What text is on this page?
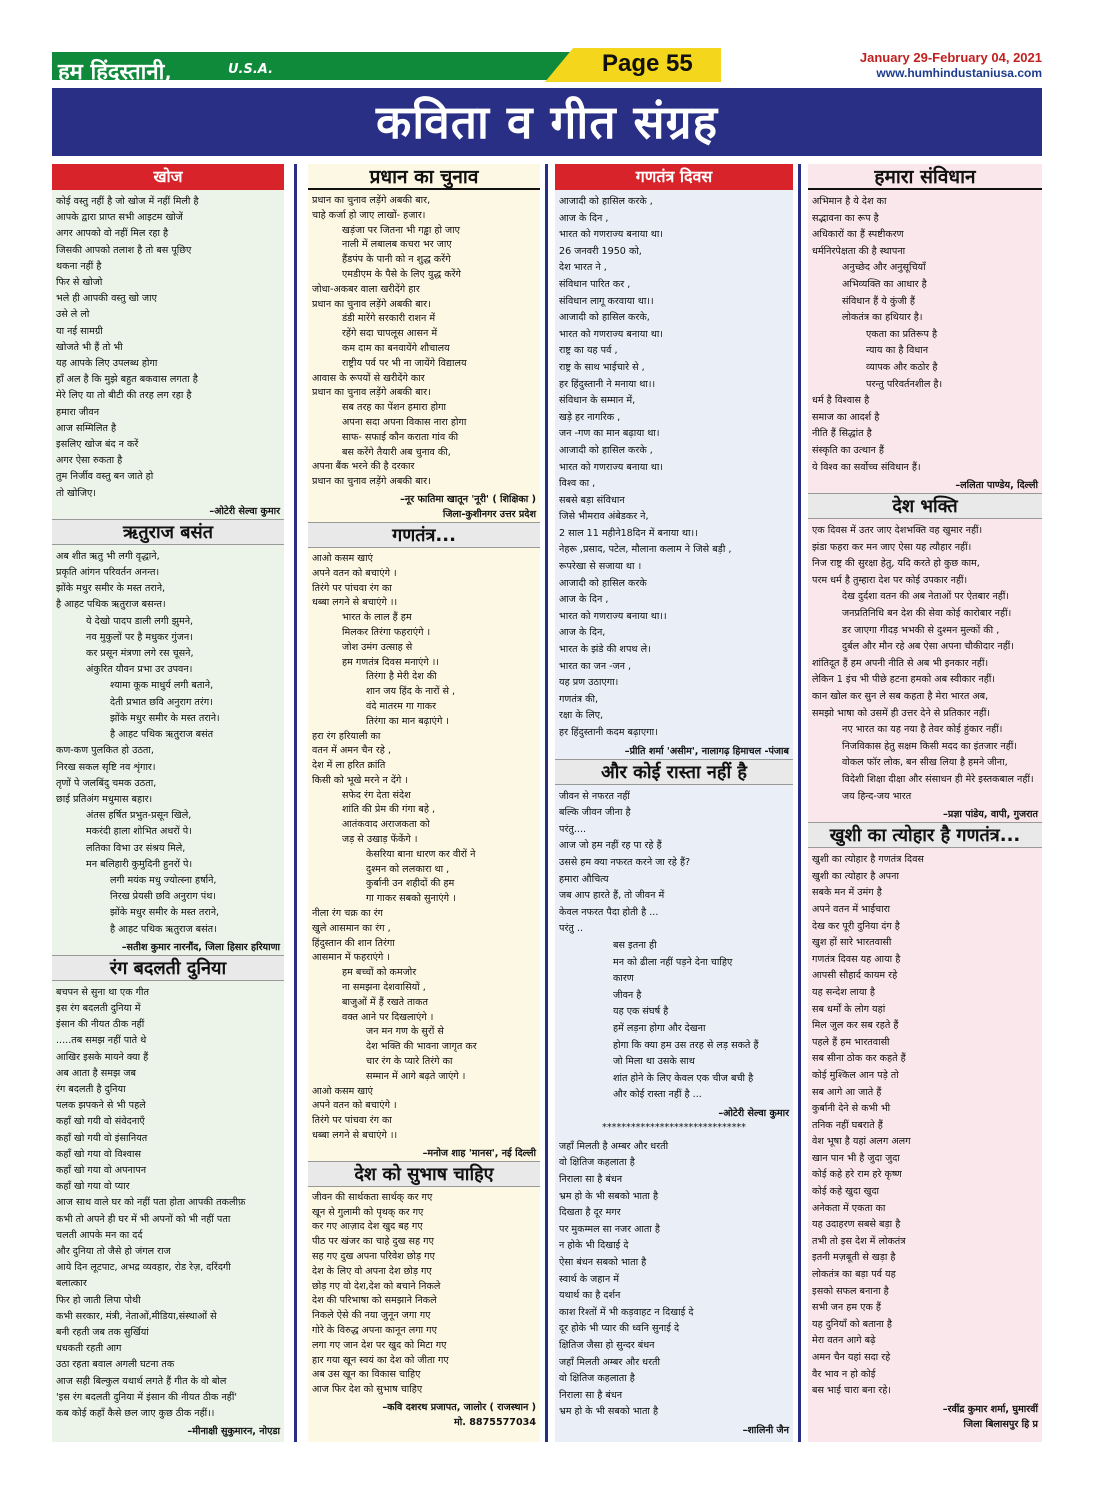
हम हिंदुस्तानी,	U.S.A.	Page 55	January 29-February 04, 2021
www.humhindustaniusa.com
कविता व गीत संग्रह
खोज
कोई वस्तु नहीं है जो खोज में नहीं मिली है
आपके द्वारा प्राप्त सभी आइटम खोजें
अगर आपको वो नहीं मिल रहा है
जिसकी आपको तलाश है तो बस पूछिए
थकना नहीं है
फिर से खोजो
भले ही आपकी वस्तु खो जाए
उसे ले लो
या नई सामग्री
खोजते भी हैं तो भी
यह आपके लिए उपलब्ध होगा
हाँ अल है कि मुझे बहुत बकवास लगता है
मेरे लिए या तो बीटी की तरह लग रहा है
हमारा जीवन
आज सम्मिलित है
इसलिए खोज बंद न करें
अगर ऐसा रुकता है
तुम निर्जीव वस्तु बन जाते हो
तो खोजिए।
–ओटेरी सेल्वा कुमार
ऋतुराज बसंत
अब शीत ऋतु भी लगी वृद्धाने,
प्रकृति आंगन परिवर्तन अनन्त।
झोंके मधुर समीर के मस्त तराने,
है आहट पथिक ऋतुराज बसन्त।
ये देखो पादप डाली लगी झुमने,
नव मुकुलों पर है मधुकर गुंजन।
कर प्रसून मंत्रणा लगे रस चूसने,
अंकुरित यौवन प्रभा उर उपवन।
श्यामा कूक माधुर्य लगी बताने,
देती प्रभात छवि अनुराग तरंग।
झोंके मधुर समीर के मस्त तराने।
है आहट पथिक ऋतुराज बसंत
कण-कण पुलकित हो उठता,
निरख सकल सृष्टि नव शृंगार।
तृणों पे जलबिंदु चमक उठता,
छाई प्रतिअंग मधुमास बहार।
अंतस हर्षित प्रभुत-प्रसून खिले,
मकरंदी हाला शोभित अधरों पे।
लतिका विभा उर संश्रय मिले,
मन बलिहारी कुमुदिनी हुनरों पे।
लगी मयंक मधु ज्योत्स्ना हर्षाने,
निरख प्रेयसी छवि अनुराग पंथ।
झोंके मधुर समीर के मस्त तराने,
है आहट पथिक ऋतुराज बसंत।
–सतीश कुमार नारनौंद, जिला हिसार हरियाणा
रंग बदलती दुनिया
बचपन से सुना था एक गीत
इस रंग बदलती दुनिया में
इंसान की नीयत ठीक नहीं
.....तब समझ नहीं पाते थे
आखिर इसके मायने क्या हैं
अब आता है समझ जब
रंग बदलती है दुनिया
पलक झपकने से भी पहले
कहाँ खो गयी वो संवेदनाएँ
कहाँ खो गयी वो इंसानियत
कहाँ खो गया वो विश्वास
कहाँ खो गया वो अपनापन
कहाँ खो गया वो प्यार
आज साथ वाले घर को नहीं पता होता आपकी तकलीफ़
कभी तो अपने ही घर में भी अपनों को भी नहीं पता
चलती आपके मन का दर्द
और दुनिया तो जैसे हो जंगल राज
आये दिन लूटपाट, अभद्र व्यवहार, रोड रेज़, दरिंदगी
बलात्कार
फिर हो जाती लिपा पोथी
कभी सरकार, मंत्री, नेताओं,मीडिया,संस्थाओं से
बनी रहती जब तक सुर्खियां
धधकती रहती आग
उठा रहता बवाल अगली घटना तक
आज सही बिल्कुल यथार्थ लगते हैं गीत के वो बोल
'इस रंग बदलती दुनिया में इंसान की नीयत ठीक नहीं'
कब कोई कहाँ कैसे छल जाए कुछ ठीक नहीं।।
–मीनाक्षी सुकुमारन, नोएडा
प्रधान का चुनाव
प्रधान का चुनाव लड़ेंगे अबकी बार,
चाहे कर्जा हो जाए लाखों- हजार।
खड़ंजा पर जितना भी गड्ढा हो जाए
नाली में लबालब कचरा भर जाए
हैंडपंप के पानी को न शुद्ध करेंगे
एमडीएम के पैसे के लिए युद्ध करेंगे
जोधा-अकबर वाला खरीदेंगे हार
प्रधान का चुनाव लड़ेंगे अबकी बार।
डंडी मारेंगे सरकारी राशन में
रहेंगे सदा चापलूस आसन में
कम दाम का बनवायेंगे शौचालय
राष्ट्रीय पर्व पर भी ना जायेंगे विद्यालय
आवास के रूपयों से खरीदेंगे कार
प्रधान का चुनाव लड़ेंगे अबकी बार।
सब तरह का पेंशन हमारा होगा
अपना सदा अपना विकास नारा होगा
साफ- सफाई कौन कराता गांव की
बस करेंगे तैयारी अब चुनाव की,
अपना बैंक भरने की है दरकार
प्रधान का चुनाव लड़ेंगे अबकी बार।
–नूर फातिमा खातून 'नूरी' ( शिक्षिका )
जिला-कुशीनगर उत्तर प्रदेश
गणतंत्र...
आओ कसम खाएं
अपने वतन को बचाएंगे ।
तिरंगे पर पांचवा रंग का
धब्बा लगने से बचाएंगे ।।
भारत के लाल हैं हम
मिलकर तिरंगा फहराएंगे ।
जोश उमंग उत्साह से
हम गणतंत्र दिवस मनाएंगे ।।
तिरंगा है मेरी देश की
शान जय हिंद के नारों से ,
वंदे मातरम गा गाकर
तिरंगा का मान बढ़ाएंगे ।
हरा रंग हरियाली का
वतन में अमन चैन रहे ,
देश में ला हरित क्रांति
किसी को भूखे मरने न देंगे ।
सफेद रंग देता संदेश
शांति की प्रेम की गंगा बहे ,
आतंकवाद अराजकता को
जड़ से उखाड़ फेंकेंगे ।
केसरिया बाना धारण कर वीरों ने
दुश्मन को ललकारा था ,
कुर्बानी उन शहीदों की हम
गा गाकर सबको सुनाएंगे ।
नीला रंग चक्र का रंग
खुले आसमान का रंग ,
हिंदुस्तान की शान तिरंगा
आसमान में फहराएंगे ।
हम बच्चों को कमजोर
ना समझना देशवासियों ,
बाजुओं में हैं रखते ताकत
वक्त आने पर दिखलाएंगे ।
जन मन गण के सुरों से
देश भक्ति की भावना जागृत कर
चार रंग के प्यारे तिरंगे का
सम्मान में आगे बढ़ते जाएंगे ।
आओ कसम खाएं
अपने वतन को बचाएंगे ।
तिरंगे पर पांचवा रंग का
धब्बा लगने से बचाएंगे ।।
–मनोज शाह 'मानस', नई दिल्ली
देश को सुभाष चाहिए
जीवन की सार्थकता सार्थक् कर गए
खून से गुलामी को पृथक् कर गए
कर गए आज़ाद देश खुद बह गए
पीठ पर खंजर का चाहे दुख सह गए
सह गए दुख अपना परिवेश छोड़ गए
देश के लिए वो अपना देश छोड़ गए
छोड़ गए वो देश,देश को बचाने निकले
देश की परिभाषा को समझाने निकले
निकले ऐसे की नया जुनून जगा गए
गोरे के विरुद्ध अपना कानून लगा गए
लगा गए जान देश पर खुद को मिटा गए
हार गया खून स्वयं का देश को जीता गए
अब उस खून का विकास चाहिए
आज फिर देश को सुभाष चाहिए
–कवि दशरथ प्रजापत, जालोर ( राजस्थान )
मो. 8875577034
गणतंत्र दिवस
आजादी को हासिल करके ,
आज के दिन ,
भारत को गणराज्य बनाया था।
26 जनवरी 1950 को,
देश भारत ने ,
संविधान पारित कर ,
संविधान लागू करवाया था।।
आजादी को हासिल करके,
भारत को गणराज्य बनाया था।
राष्ट्र का यह पर्व ,
राष्ट्र के साथ भाईचारे से ,
हर हिंदुस्तानी ने मनाया था।।
संविधान के सम्मान में,
खड़े हर नागरिक ,
जन -गण का मान बढ़ाया था।
आजादी को हासिल करके ,
भारत को गणराज्य बनाया था।
विश्व का ,
सबसे बड़ा संविधान
जिसे भीमराव अंबेडकर ने,
2 साल 11 महीने18दिन में बनाया था।।
नेहरू ,प्रसाद, पटेल, मौलाना कलाम ने जिसे बड़ी ,
रूपरेखा से सजाया था ।
आजादी को हासिल करके
आज के दिन ,
भारत को गणराज्य बनाया था।।
आज के दिन,
भारत के झंडे की शपथ ले।
भारत का जन -जन ,
यह प्रण उठाएगा।
गणतंत्र की,
रक्षा के लिए,
हर हिंदुस्तानी कदम बढ़ाएगा।
–प्रीति शर्मा 'असीम', नालागढ़ हिमाचल -पंजाब
और कोई रास्ता नहीं है
जीवन से नफरत नहीं
बल्कि जीवन जीना है
परंतु....
आज जो हम नहीं रह पा रहे हैं
उससे हम क्या नफरत करने जा रहे हैं?
हमारा औचित्य
जब आप हारते हैं, तो जीवन में
केवल नफरत पैदा होती है ...
परंतु ..
बस इतना ही
मन को ढीला नहीं पड़ने देना चाहिए
कारण
जीवन है
यह एक संघर्ष है
हमें लड़ना होगा और देखना
होगा कि क्या हम उस तरह से लड़ सकते हैं
जो मिला था उसके साथ
शांत होने के लिए केवल एक चीज बची है
और कोई रास्ता नहीं है ...
–ओटेरी सेल्वा कुमार
******************************
जहाँ मिलती है अम्बर और धरती
वो क्षितिज कहलाता है
निराला सा है बंधन
भ्रम हो के भी सबको भाता है
दिखता है दूर मगर
पर मुकम्मल सा नजर आता है
न होके भी दिखाई दे
ऐसा बंधन सबको भाता है
स्वार्थ के जहान में
यथार्थ का है दर्शन
काश रिश्तों में भी कड़वाहट न दिखाई दे
दूर होके भी प्यार की ध्वनि सुनाई दे
क्षितिज जैसा हो सुन्दर बंधन
जहाँ मिलती अम्बर और धरती
वो क्षितिज कहलाता है
निराला सा है बंधन
भ्रम हो के भी सबको भाता है
–शालिनी जैन
हमारा संविधान
अभिमान है ये देश का
सद्भावना का रूप है
अधिकारों का हैं स्पष्टीकरण
धर्मनिरपेक्षता की है स्थापना
अनुच्छेद और अनुसूचियाँ
अभिव्यक्ति का आधार है
संविधान हैं ये कुंजी हैं
लोकतंत्र का हथियार है।
एकता का प्रतिरूप है
न्याय का है विधान
व्यापक और कठोर है
परन्तु परिवर्तनशील है।
धर्म है विश्वास है
समाज का आदर्श है
नीति हैं सिद्धांत है
संस्कृति का उत्थान हैं
ये विश्व का सर्वोच्च संविधान हैं।
–ललिता पाण्डेय, दिल्ली
देश भक्ति
एक दिवस में उतर जाए देशभक्ति वह खुमार नहीं।
झंडा फहरा कर मन जाए ऐसा यह त्यौहार नहीं।
निज राष्ट्र की सुरक्षा हेतु, यदि करते हो कुछ काम,
परम धर्म है तुम्हारा देश पर कोई उपकार नहीं।
देख दुर्दशा वतन की अब नेताओं पर ऐतबार नहीं।
जनप्रतिनिधि बन देश की सेवा कोई कारोबार नहीं।
डर जाएगा गीदड़ भभकी से दुश्मन मुल्कों की ,
दुर्बल और मौन रहे अब ऐसा अपना चौकीदार नहीं।
शांतिदूत हैं हम अपनी नीति से अब भी इनकार नहीं।
लेकिन 1 इंच भी पीछे हटना हमको अब स्वीकार नहीं।
कान खोल कर सुन ले सब कहता है मेरा भारत अब,
समझो भाषा को उसमें ही उत्तर देने से प्रतिकार नहीं।
नए भारत का यह नया है तेवर कोई हुंकार नहीं।
निजविकास हेतु सक्षम किसी मदद का इंतजार नहीं।
वोकल फॉर लोक, बन सीख लिया है हमने जीना,
विदेशी शिक्षा दीक्षा और संसाधन ही मेरे इस्तकबाल नहीं।
जय हिन्द-जय भारत
–प्रज्ञा पांडेय, वापी, गुजरात
खुशी का त्योहार है गणतंत्र...
खुशी का त्योहार है गणतंत्र दिवस
खुशी का त्योहार है अपना
सबके मन में उमंग है
अपने वतन में भाईचारा
देख कर पूरी दुनिया दंग है
खुश हों सारे भारतवासी
गणतंत्र दिवस यह आया है
आपसी सौहार्द कायम रहे
यह सन्देश लाया है
सब धर्मों के लोग यहां
मिल जुल कर सब रहते हैं
पहले हैं हम भारतवासी
सब सीना ठोक कर कहते हैं
कोई मुश्किल आन पड़े तो
सब आगे आ जाते हैं
कुर्बानी देने से कभी भी
तनिक नहीं घबराते हैं
वेश भूषा है यहां अलग अलग
खान पान भी है जुदा जुदा
कोई कहे हरे राम हरे कृष्ण
कोई कहे खुदा खुदा
अनेकता में एकता का
यह उदाहरण सबसे बड़ा है
तभी तो इस देश में लोकतंत्र
इतनी मज़बूती से खड़ा है
लोकतंत्र का बड़ा पर्व यह
इसको सफल बनाना है
सभी जन हम एक हैं
यह दुनियाँ को बताना है
मेरा वतन आगे बढ़े
अमन चैन यहां सदा रहे
वैर भाव न हो कोई
बस भाई चारा बना रहे।
–रवींद्र कुमार शर्मा, घुमारवीं
जिला बिलासपुर हि प्र
